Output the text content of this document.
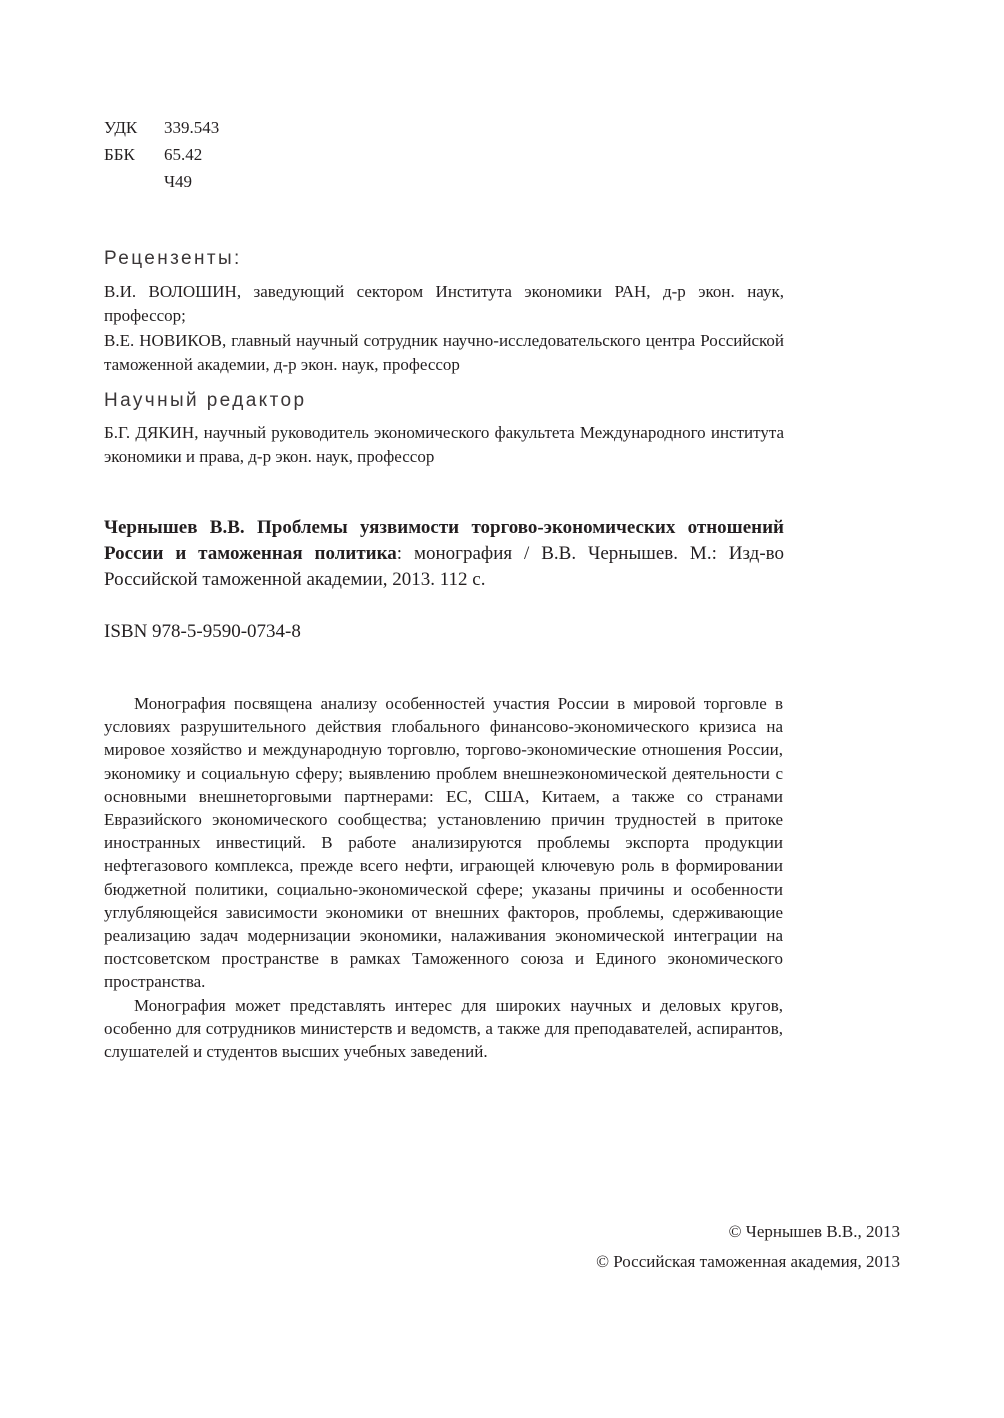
УДК	339.543
ББК	65.42
Ч49
Рецензенты:
В.И. ВОЛОШИН, заведующий сектором Института экономики РАН, д-р экон. наук, профессор;
В.Е. НОВИКОВ, главный научный сотрудник научно-исследовательского центра Российской таможенной академии, д-р экон. наук, профессор
Научный редактор
Б.Г. ДЯКИН, научный руководитель экономического факультета Международного института экономики и права, д-р экон. наук, профессор
Чернышев В.В. Проблемы уязвимости торгово-экономических отношений России и таможенная политика: монография / В.В. Чернышев. М.: Изд-во Российской таможенной академии, 2013. 112 с.
ISBN 978-5-9590-0734-8

Монография посвящена анализу особенностей участия России в мировой торговле в условиях разрушительного действия глобального финансово-экономического кризиса на мировое хозяйство и международную торговлю, торгово-экономические отношения России, экономику и социальную сферу; выявлению проблем внешнеэкономической деятельности с основными внешнеторговыми партнерами: ЕС, США, Китаем, а также со странами Евразийского экономического сообщества; установлению причин трудностей в притоке иностранных инвестиций. В работе анализируются проблемы экспорта продукции нефтегазового комплекса, прежде всего нефти, играющей ключевую роль в формировании бюджетной политики, социально-экономической сфере; указаны причины и особенности углубляющейся зависимости экономики от внешних факторов, проблемы, сдерживающие реализацию задач модернизации экономики, налаживания экономической интеграции на постсоветском пространстве в рамках Таможенного союза и Единого экономического пространства.

Монография может представлять интерес для широких научных и деловых кругов, особенно для сотрудников министерств и ведомств, а также для преподавателей, аспирантов, слушателей и студентов высших учебных заведений.

© Чернышев В.В., 2013
© Российская таможенная академия, 2013
